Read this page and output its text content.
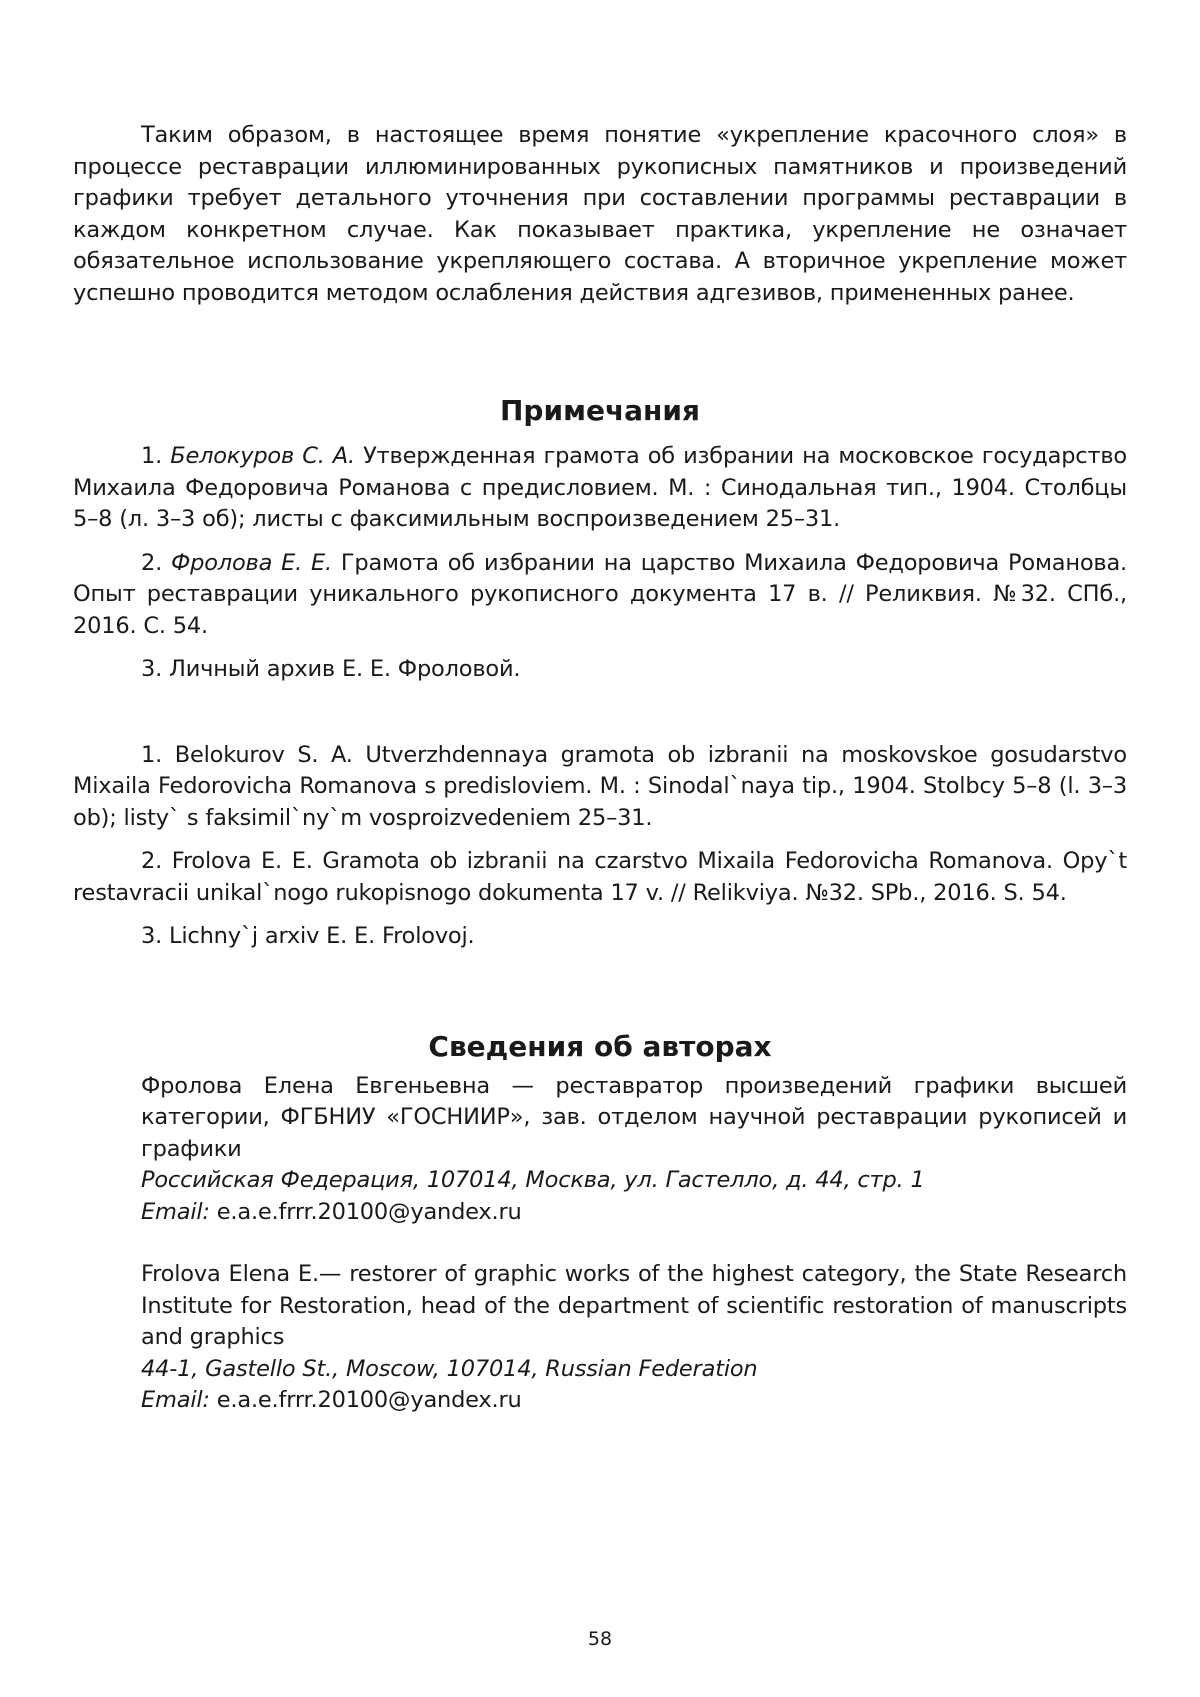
Таким образом, в настоящее время понятие «укрепление красочного слоя» в процессе реставрации иллюминированных рукописных памятников и произведений графики требует детального уточнения при составлении программы реставрации в каждом конкретном случае. Как показывает практика, укрепление не означает обязательное использование укрепляющего состава. А вторичное укрепление может успешно проводится методом ослабления действия адгезивов, примененных ранее.

Примечания

1. Белокуров С. А. Утвержденная грамота об избрании на московское государство Михаила Федоровича Романова с предисловием. М. : Синодальная тип., 1904. Столбцы 5–8 (л. 3–3 об); листы с факсимильным воспроизведением 25–31.

2. Фролова Е. Е. Грамота об избрании на царство Михаила Федоровича Романова. Опыт реставрации уникального рукописного документа 17 в. // Реликвия. №32. СПб., 2016. С. 54.

3. Личный архив Е. Е. Фроловой.

1. Belokurov S. A. Utverzhdennaya gramota ob izbranii na moskovskoe gosudarstvo Mixaila Fedorovicha Romanova s predisloviem. M. : Sinodal`naya tip., 1904. Stolbcy 5–8 (l. 3–3 ob); listy` s faksimil`ny`m vosproizvedeniem 25–31.

2. Frolova E. E. Gramota ob izbranii na czarstvo Mixaila Fedorovicha Romanova. Opy`t restavracii unikal`nogo rukopisnogo dokumenta 17 v. // Relikviya. №32. SPb., 2016. S. 54.

3. Lichny`j arxiv E. E. Frolovoj.

Сведения об авторах

Фролова Елена Евгеньевна — реставратор произведений графики высшей категории, ФГБНИУ «ГОСНИИР», зав. отделом научной реставрации рукописей и графики

Российская Федерация, 107014, Москва, ул. Гастелло, д. 44, стр. 1

Email: e.a.e.frrr.20100@yandex.ru

Frolova Elena E.— restorer of graphic works of the highest category, the State Research Institute for Restoration, head of the department of scientific restoration of manuscripts and graphics

44-1, Gastello St., Moscow, 107014, Russian Federation

Email: e.a.e.frrr.20100@yandex.ru

58
